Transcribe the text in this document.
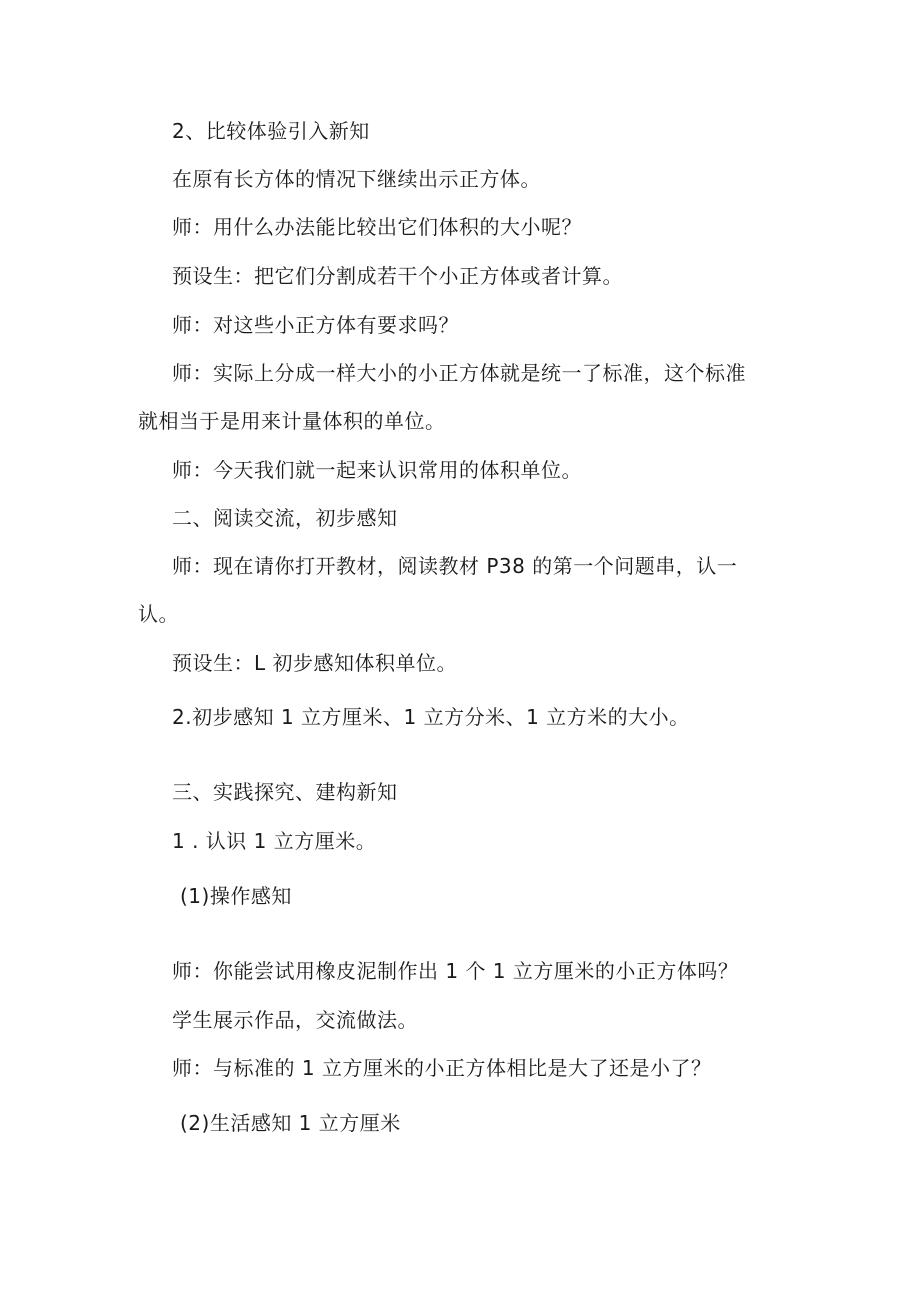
2、比较体验引入新知
在原有长方体的情况下继续出示正方体。
师：用什么办法能比较出它们体积的大小呢？
预设生：把它们分割成若干个小正方体或者计算。
师：对这些小正方体有要求吗？
师：实际上分成一样大小的小正方体就是统一了标准，这个标准
就相当于是用来计量体积的单位。
师：今天我们就一起来认识常用的体积单位。
二、阅读交流，初步感知
师：现在请你打开教材，阅读教材 P38 的第一个问题串，认一
认。
预设生：L 初步感知体积单位。
2.初步感知 1 立方厘米、1 立方分米、1 立方米的大小。
三、实践探究、建构新知
1 . 认识 1 立方厘米。
(1)操作感知
师：你能尝试用橡皮泥制作出 1 个 1 立方厘米的小正方体吗？
学生展示作品，交流做法。
师：与标准的 1 立方厘米的小正方体相比是大了还是小了？
(2)生活感知 1 立方厘米
